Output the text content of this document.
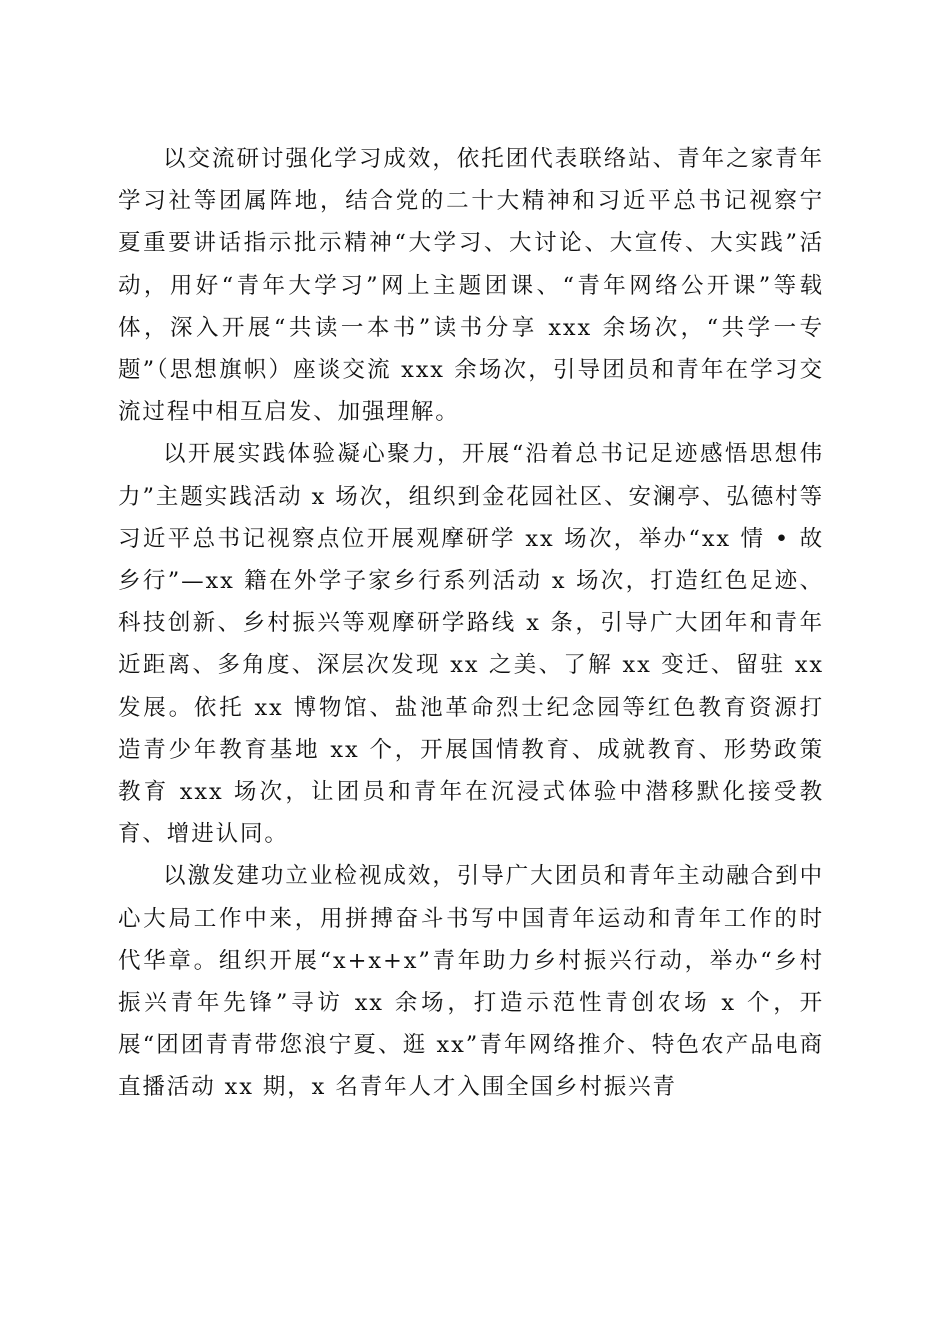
以交流研讨强化学习成效，依托团代表联络站、青年之家青年学习社等团属阵地，结合党的二十大精神和习近平总书记视察宁夏重要讲话指示批示精神“大学习、大讨论、大宣传、大实践”活动，用好“青年大学习”网上主题团课、“青年网络公开课”等载体，深入开展“共读一本书”读书分享 xxx 余场次，“共学一专题”（思想旗帜）座谈交流 xxx 余场次，引导团员和青年在学习交流过程中相互启发、加强理解。

以开展实践体验凝心聚力，开展“沿着总书记足迹感悟思想伟力”主题实践活动 x 场次，组织到金花园社区、安澜亭、弘德村等习近平总书记视察点位开展观摩研学 xx 场次，举办“xx 情 • 故乡行”—xx 籍在外学子家乡行系列活动 x 场次，打造红色足迹、科技创新、乡村振兴等观摩研学路线 x 条，引导广大团年和青年近距离、多角度、深层次发现 xx 之美、了解 xx 变迁、留驻 xx 发展。依托 xx 博物馆、盐池革命烈士纪念园等红色教育资源打造青少年教育基地 xx 个，开展国情教育、成就教育、形势政策教育 xxx 场次，让团员和青年在沉浸式体验中潜移默化接受教育、增进认同。

以激发建功立业检视成效，引导广大团员和青年主动融合到中心大局工作中来，用拼搏奋斗书写中国青年运动和青年工作的时代华章。组织开展“x+x+x”青年助力乡村振兴行动，举办“乡村振兴青年先锋”寻访 xx 余场，打造示范性青创农场 x 个，开展“团团青青带您浪宁夏、逛 xx”青年网络推介、特色农产品电商直播活动 xx 期，x 名青年人才入围全国乡村振兴青
